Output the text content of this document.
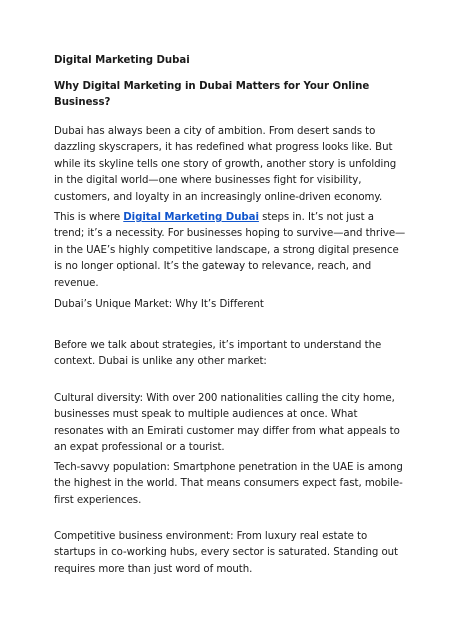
Digital Marketing Dubai

Why Digital Marketing in Dubai Matters for Your Online Business?

Dubai has always been a city of ambition. From desert sands to dazzling skyscrapers, it has redefined what progress looks like. But while its skyline tells one story of growth, another story is unfolding in the digital world—one where businesses fight for visibility, customers, and loyalty in an increasingly online-driven economy.

This is where Digital Marketing Dubai steps in. It’s not just a trend; it’s a necessity. For businesses hoping to survive—and thrive—in the UAE’s highly competitive landscape, a strong digital presence is no longer optional. It’s the gateway to relevance, reach, and revenue.

Dubai’s Unique Market: Why It’s Different

Before we talk about strategies, it’s important to understand the context. Dubai is unlike any other market:

Cultural diversity: With over 200 nationalities calling the city home, businesses must speak to multiple audiences at once. What resonates with an Emirati customer may differ from what appeals to an expat professional or a tourist.

Tech-savvy population: Smartphone penetration in the UAE is among the highest in the world. That means consumers expect fast, mobile-first experiences.

Competitive business environment: From luxury real estate to startups in co-working hubs, every sector is saturated. Standing out requires more than just word of mouth.
